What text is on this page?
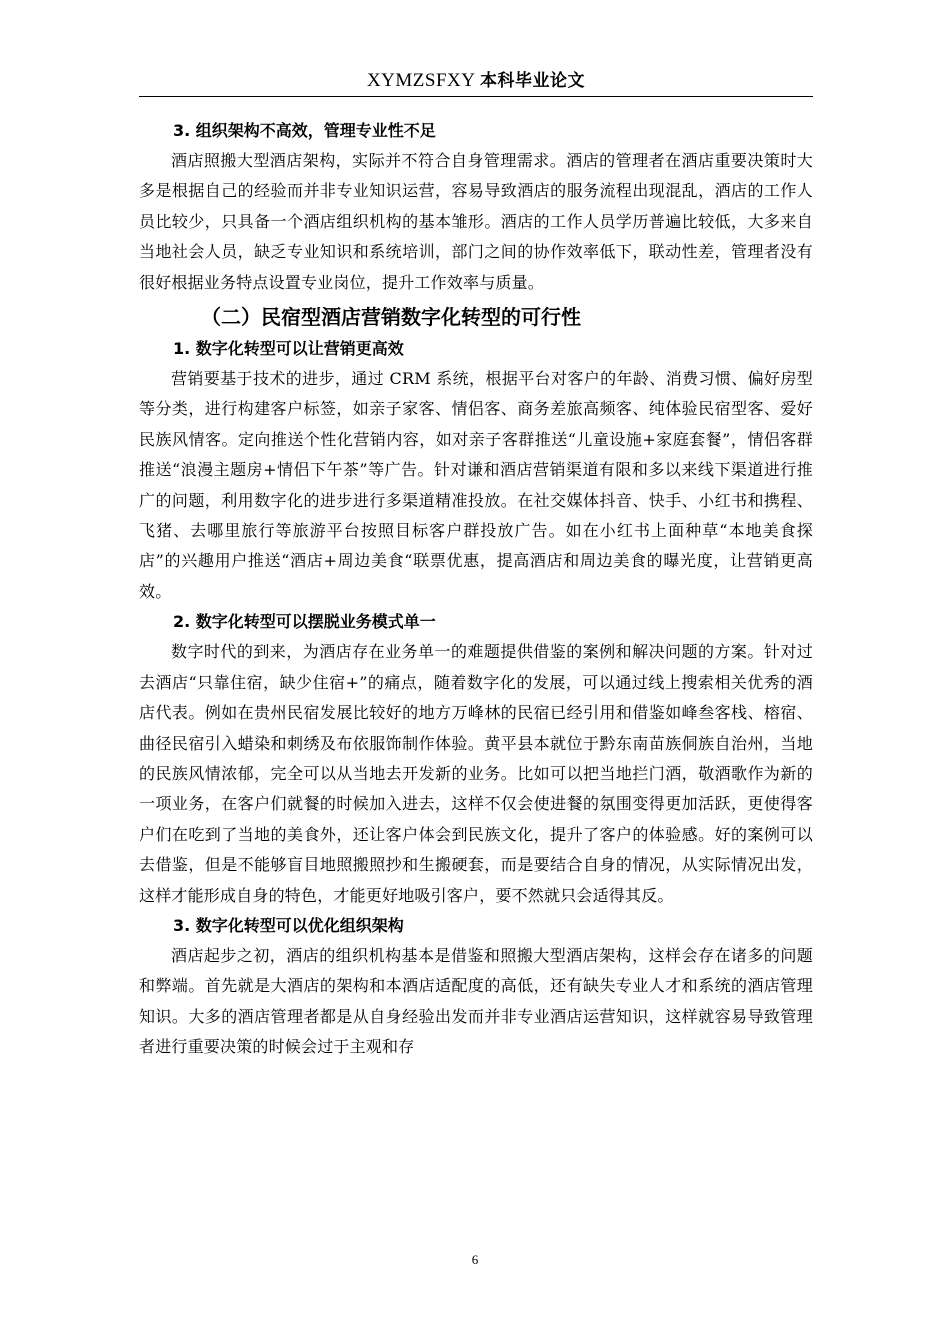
XYMZSFXY 本科毕业论文
3. 组织架构不高效，管理专业性不足

酒店照搬大型酒店架构，实际并不符合自身管理需求。酒店的管理者在酒店重要决策时大多是根据自己的经验而并非专业知识运营，容易导致酒店的服务流程出现混乱，酒店的工作人员比较少，只具备一个酒店组织机构的基本雏形。酒店的工作人员学历普遍比较低，大多来自当地社会人员，缺乏专业知识和系统培训，部门之间的协作效率低下，联动性差，管理者没有很好根据业务特点设置专业岗位，提升工作效率与质量。

（二）民宿型酒店营销数字化转型的可行性
1. 数字化转型可以让营销更高效

营销要基于技术的进步，通过 CRM 系统，根据平台对客户的年龄、消费习惯、偏好房型等分类，进行构建客户标签，如亲子家客、情侣客、商务差旅高频客、纯体验民宿型客、爱好民族风情客。定向推送个性化营销内容，如对亲子客群推送“儿童设施+家庭套餐”，情侣客群推送“浪漫主题房+情侣下午茶”等广告。针对谦和酒店营销渠道有限和多以来线下渠道进行推广的问题，利用数字化的进步进行多渠道精准投放。在社交媒体抖音、快手、小红书和携程、飞猪、去哪里旅行等旅游平台按照目标客户群投放广告。如在小红书上面种草“本地美食探店”的兴趣用户推送“酒店+周边美食“联票优惠，提高酒店和周边美食的曝光度，让营销更高效。

2. 数字化转型可以摆脱业务模式单一

数字时代的到来，为酒店存在业务单一的难题提供借鉴的案例和解决问题的方案。针对过去酒店“只靠住宿，缺少住宿+”的痛点，随着数字化的发展，可以通过线上搜索相关优秀的酒店代表。例如在贵州民宿发展比较好的地方万峰林的民宿已经引用和借鉴如峰叁客栈、榕宿、曲径民宿引入蜡染和刺绣及布依服饰制作体验。黄平县本就位于黔东南苗族侗族自治州，当地的民族风情浓郁，完全可以从当地去开发新的业务。比如可以把当地拦门酒，敬酒歌作为新的一项业务，在客户们就餐的时候加入进去，这样不仅会使进餐的氛围变得更加活跃，更使得客户们在吃到了当地的美食外，还让客户体会到民族文化，提升了客户的体验感。好的案例可以去借鉴，但是不能够盲目地照搬照抄和生搬硬套，而是要结合自身的情况，从实际情况出发，这样才能形成自身的特色，才能更好地吸引客户，要不然就只会适得其反。

3. 数字化转型可以优化组织架构

酒店起步之初，酒店的组织机构基本是借鉴和照搬大型酒店架构，这样会存在诸多的问题和弊端。首先就是大酒店的架构和本酒店适配度的高低，还有缺失专业人才和系统的酒店管理知识。大多的酒店管理者都是从自身经验出发而并非专业酒店运营知识，这样就容易导致管理者进行重要决策的时候会过于主观和存

6
